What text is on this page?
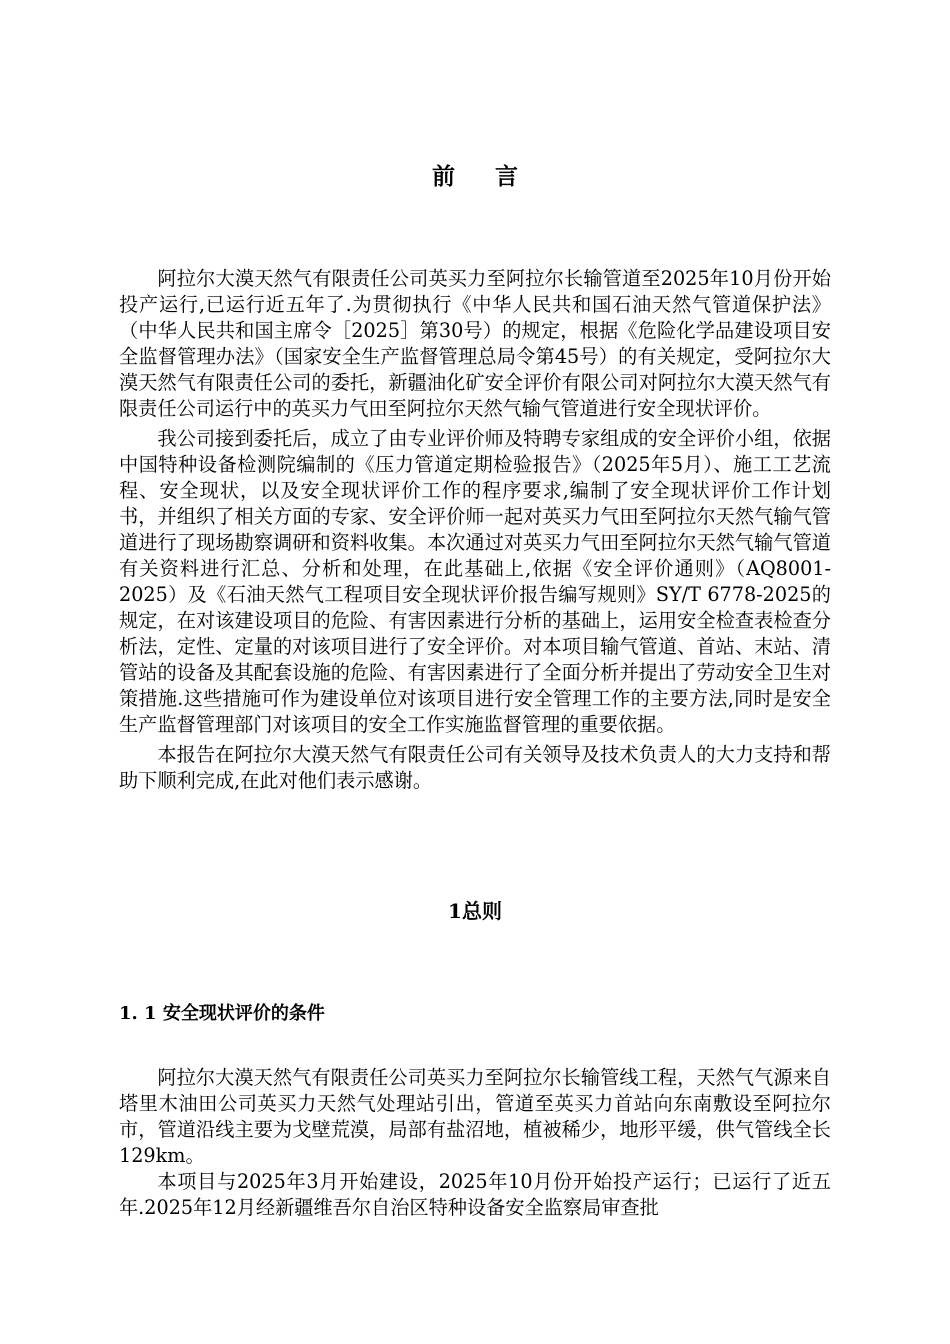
前言

阿拉尔大漠天然气有限责任公司英买力至阿拉尔长输管道至2025年10月份开始投产运行,已运行近五年了.为贯彻执行《中华人民共和国石油天然气管道保护法》（中华人民共和国主席令［2025］第30号）的规定，根据《危险化学品建设项目安全监督管理办法》（国家安全生产监督管理总局令第45号）的有关规定，受阿拉尔大漠天然气有限责任公司的委托，新疆油化矿安全评价有限公司对阿拉尔大漠天然气有限责任公司运行中的英买力气田至阿拉尔天然气输气管道进行安全现状评价。

我公司接到委托后，成立了由专业评价师及特聘专家组成的安全评价小组，依据中国特种设备检测院编制的《压力管道定期检验报告》（2025年5月）、施工工艺流程、安全现状，以及安全现状评价工作的程序要求,编制了安全现状评价工作计划书，并组织了相关方面的专家、安全评价师一起对英买力气田至阿拉尔天然气输气管道进行了现场勘察调研和资料收集。本次通过对英买力气田至阿拉尔天然气输气管道有关资料进行汇总、分析和处理，在此基础上,依据《安全评价通则》（AQ8001-2025）及《石油天然气工程项目安全现状评价报告编写规则》SY/T 6778-2025的规定，在对该建设项目的危险、有害因素进行分析的基础上，运用安全检查表检查分析法，定性、定量的对该项目进行了安全评价。对本项目输气管道、首站、末站、清管站的设备及其配套设施的危险、有害因素进行了全面分析并提出了劳动安全卫生对策措施.这些措施可作为建设单位对该项目进行安全管理工作的主要方法,同时是安全生产监督管理部门对该项目的安全工作实施监督管理的重要依据。

本报告在阿拉尔大漠天然气有限责任公司有关领导及技术负责人的大力支持和帮助下顺利完成,在此对他们表示感谢。

1总则
1. 1 安全现状评价的条件

阿拉尔大漠天然气有限责任公司英买力至阿拉尔长输管线工程，天然气气源来自塔里木油田公司英买力天然气处理站引出，管道至英买力首站向东南敷设至阿拉尔市，管道沿线主要为戈壁荒漠，局部有盐沼地，植被稀少，地形平缓，供气管线全长129km。

本项目与2025年3月开始建设，2025年10月份开始投产运行；已运行了近五年.2025年12月经新疆维吾尔自治区特种设备安全监察局审查批
